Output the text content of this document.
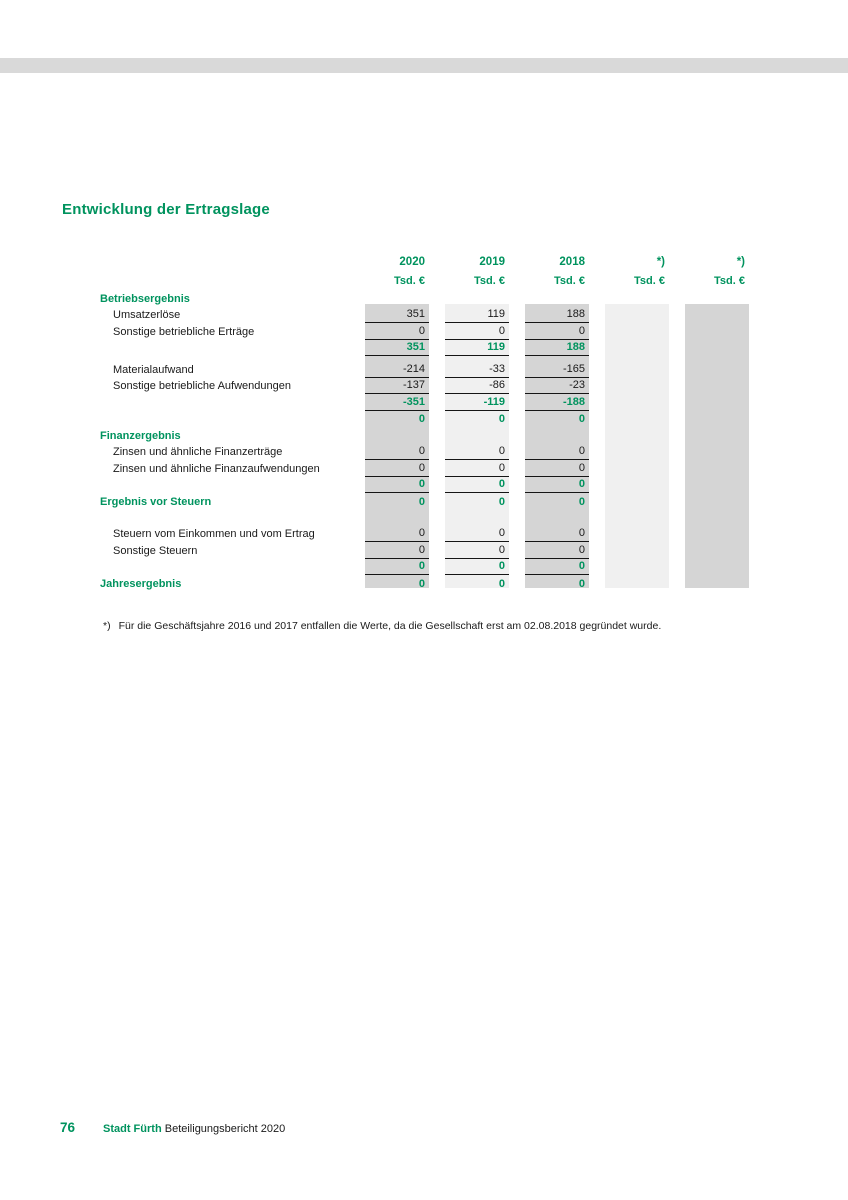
Entwicklung der Ertragslage
2020	2019	2018	*)	*)
Tsd. €	Tsd. €	Tsd. €	Tsd. €	Tsd. €
Betriebsergebnis
Umsatzerlöse	351	119	188
Sonstige betriebliche Erträge	0	0	0
351	119	188
Materialaufwand	-214	-33	-165
Sonstige betriebliche Aufwendungen	-137	-86	-23
-351	-119	-188
0	0	0
Finanzergebnis
Zinsen und ähnliche Finanzerträge	0	0	0
Zinsen und ähnliche Finanzaufwendungen	0	0	0
0	0	0
Ergebnis vor Steuern	0	0	0
Steuern vom Einkommen und vom Ertrag	0	0	0
Sonstige Steuern	0	0	0
0	0	0
Jahresergebnis	0	0	0
*) Für die Geschäftsjahre 2016 und 2017 entfallen die Werte, da die Gesellschaft erst am 02.08.2018 gegründet wurde.
76	Stadt Fürth Beteiligungsbericht 2020
